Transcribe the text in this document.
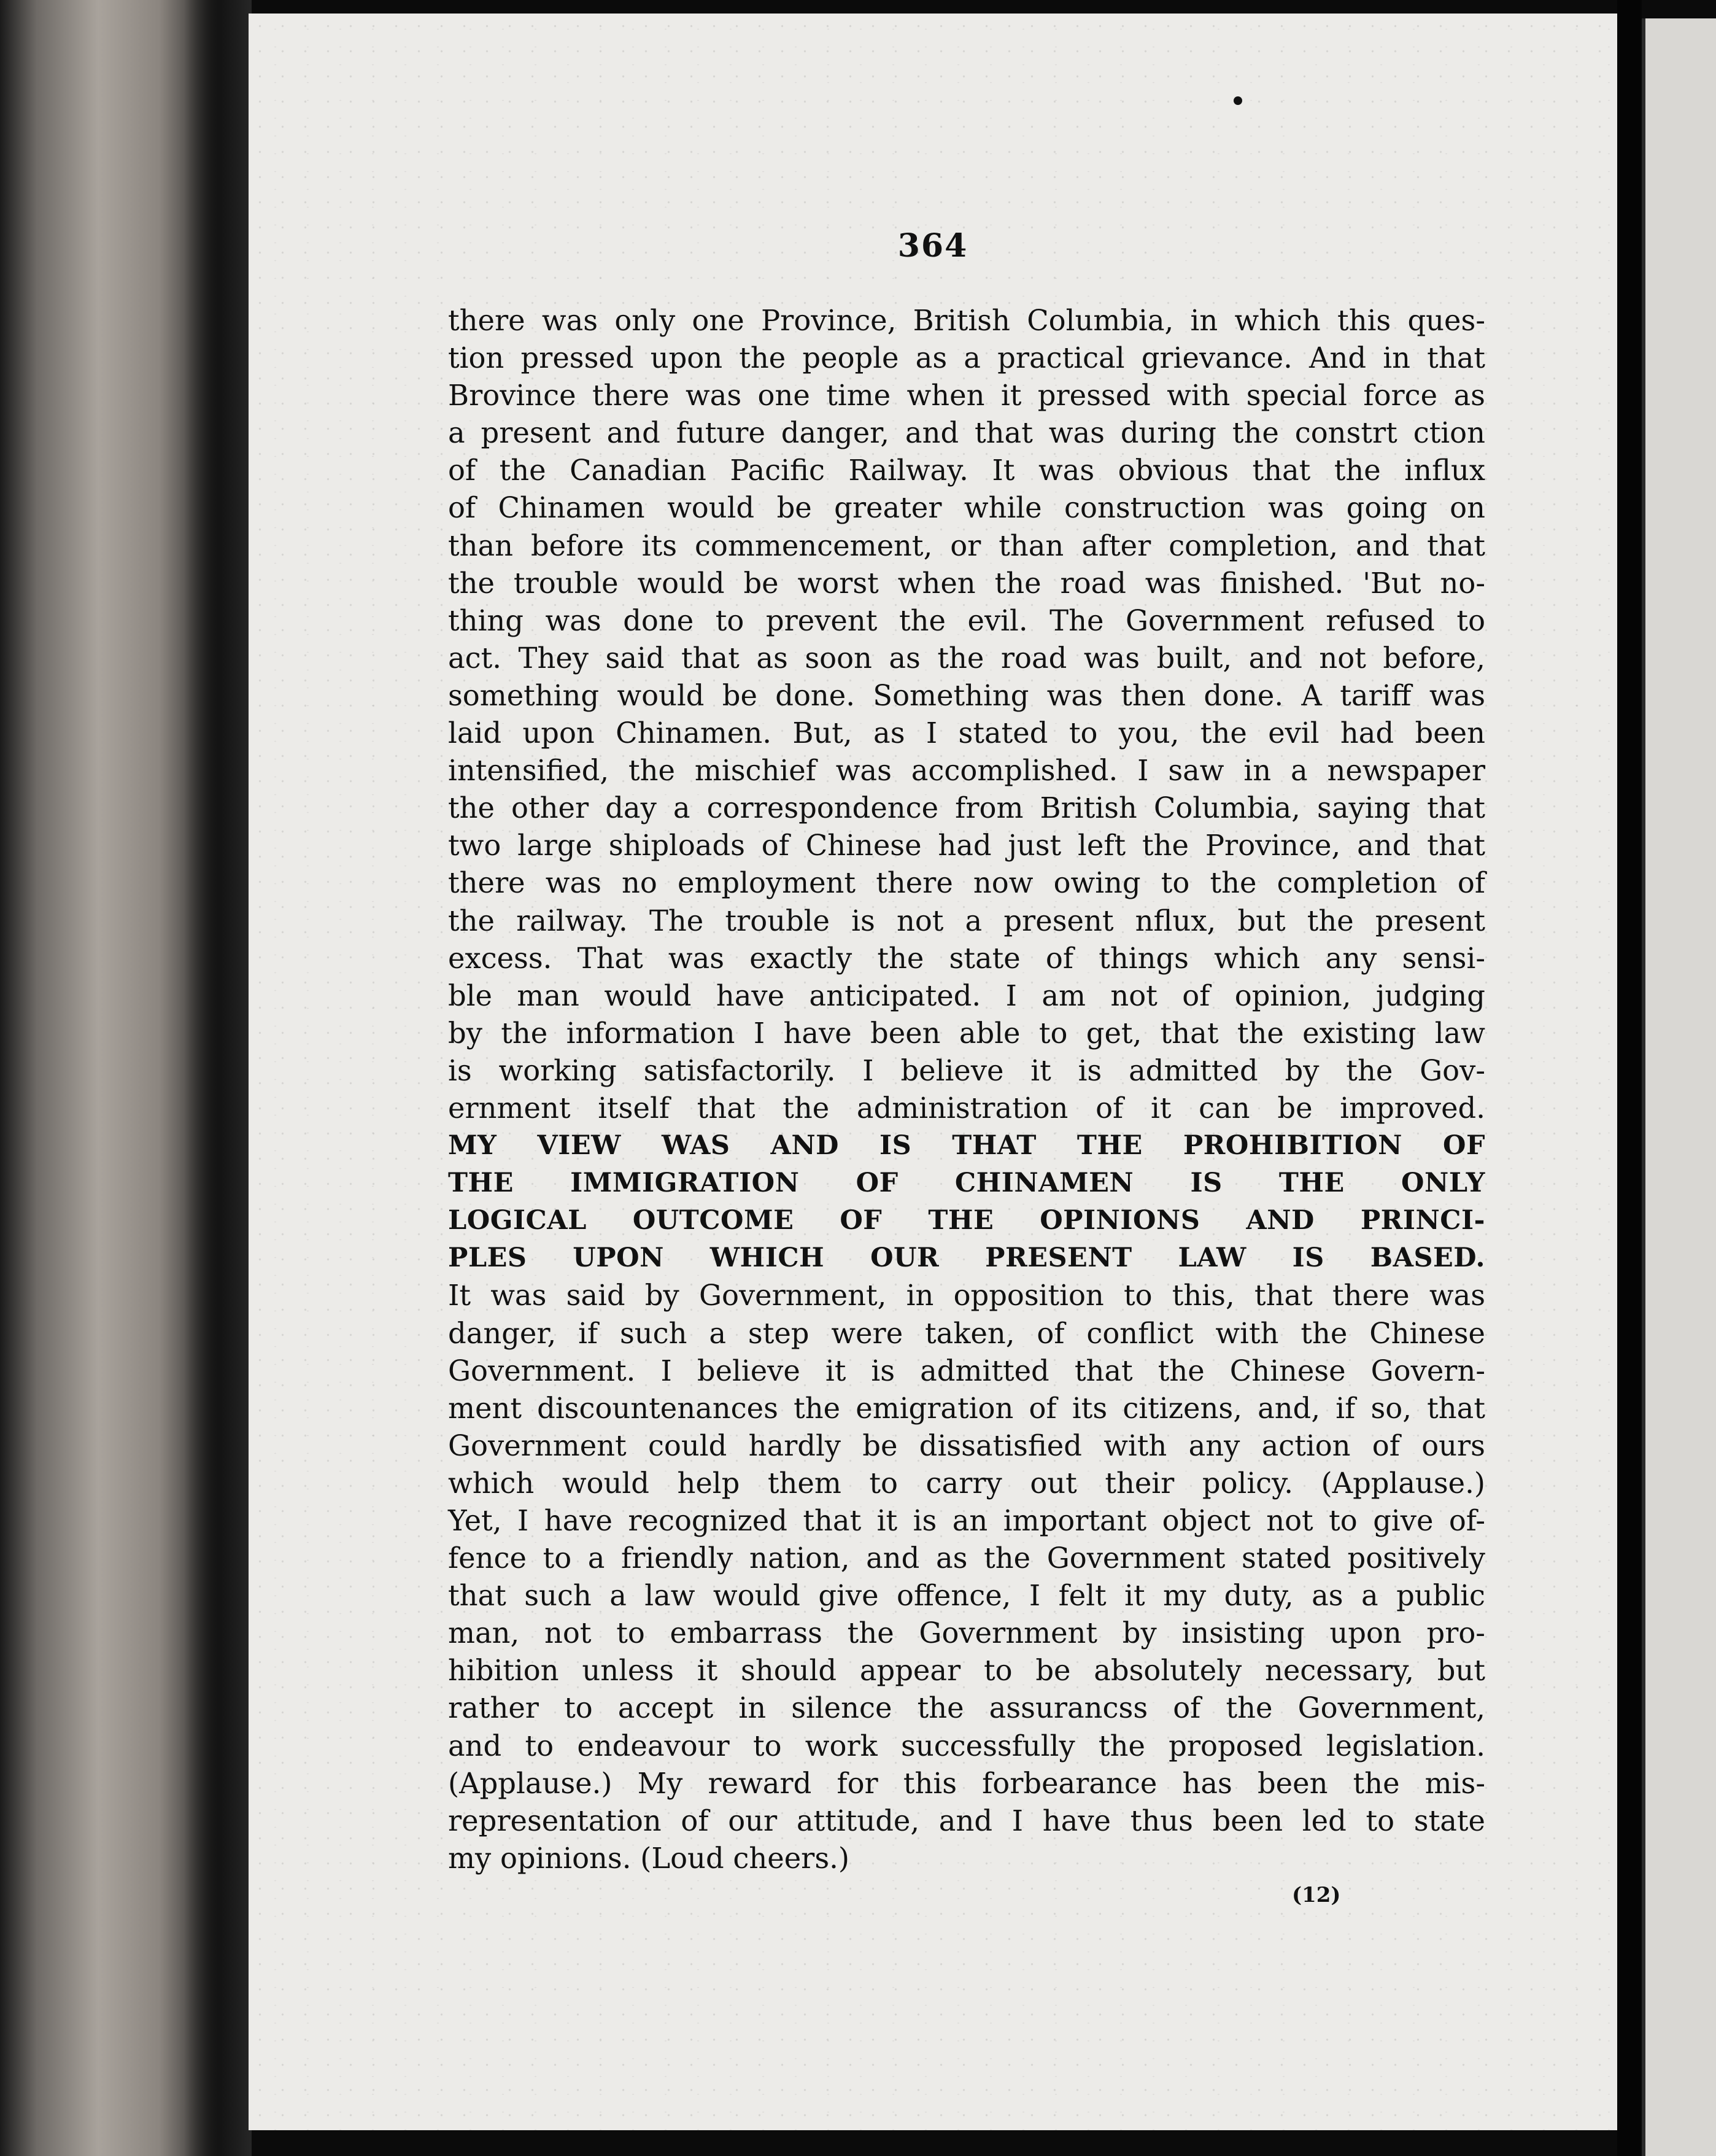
364
there was only one Province, British Columbia, in which this ques-
tion pressed upon the people as a practical grievance. And in that
Brovince there was one time when it pressed with special force as
a present and future danger, and that was during the constrt ction
of the Canadian Pacific Railway. It was obvious that the influx
of Chinamen would be greater while construction was going on
than before its commencement, or than after completion, and that
the trouble would be worst when the road was finished. 'But no-
thing was done to prevent the evil. The Government refused to
act. They said that as soon as the road was built, and not before,
something would be done. Something was then done. A tariff was
laid upon Chinamen. But, as I stated to you, the evil had been
intensified, the mischief was accomplished. I saw in a newspaper
the other day a correspondence from British Columbia, saying that
two large shiploads of Chinese had just left the Province, and that
there was no employment there now owing to the completion of
the railway. The trouble is not a present nflux, but the present
excess. That was exactly the state of things which any sensi-
ble man would have anticipated. I am not of opinion, judging
by the information I have been able to get, that the existing law
is working satisfactorily. I believe it is admitted by the Gov-
ernment itself that the administration of it can be improved.
MY VIEW WAS AND IS THAT THE PROHIBITION OF
THE IMMIGRATION OF CHINAMEN IS THE ONLY
LOGICAL OUTCOME OF THE OPINIONS AND PRINCI-
PLES UPON WHICH OUR PRESENT LAW IS BASED.
It was said by Government, in opposition to this, that there was
danger, if such a step were taken, of conflict with the Chinese
Government. I believe it is admitted that the Chinese Govern-
ment discountenances the emigration of its citizens, and, if so, that
Government could hardly be dissatisfied with any action of ours
which would help them to carry out their policy. (Applause.)
Yet, I have recognized that it is an important object not to give of-
fence to a friendly nation, and as the Government stated positively
that such a law would give offence, I felt it my duty, as a public
man, not to embarrass the Government by insisting upon pro-
hibition unless it should appear to be absolutely necessary, but
rather to accept in silence the assurancss of the Government,
and to endeavour to work successfully the proposed legislation.
(Applause.) My reward for this forbearance has been the mis-
representation of our attitude, and I have thus been led to state
my opinions. (Loud cheers.)
(12)
